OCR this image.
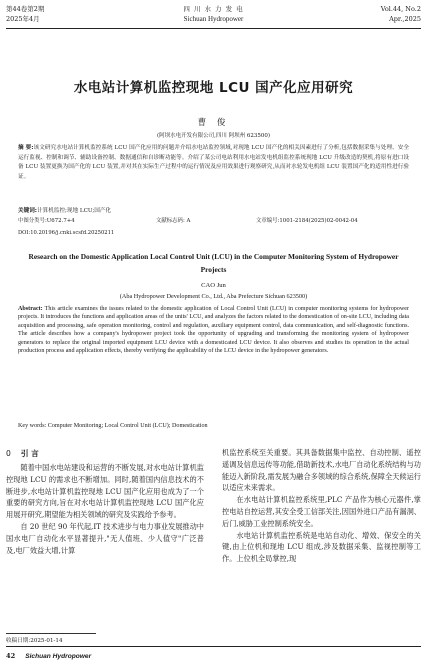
第44卷第2期
2025年4月
四 川 水 力 发 电
Sichuan Hydropower
Vol.44, No.2
Apr.,2025
水电站计算机监控现地 LCU 国产化应用研究
曹 俊
(阿坝水电开发有限公司,四川 阿坝州 623500)
摘 要:该文研究水电站计算机监控系统 LCU 国产化应用的问题并介绍水电站监控领域,对现地 LCU 国产化的相关因素进行了分析,包括数据采集与处理、安全运行监视、控制和调节、辅助设备控制、数据通信和自诊断功能等。介绍了某公司电站利用水电站发电机组监控系统现地 LCU 升级改造的契机,将原有进口设备 LCU 装置更换为国产化的 LCU 装置,并对其在实际生产过程中的运行情况及应用效果进行观察研究,从而对水轮发电机组 LCU 装置国产化的适用性进行验证。
关键词:计算机监控;现地 LCU;国产化
中图分类号:U672.7+4	文献标志码: A	文章编号:1001-2184(2025)02-0042-04
DOI:10.20196/j.cnki.scsfd.20250211
Research on the Domestic Application Local Control Unit (LCU) in the Computer Monitoring System of Hydropower Projects
CAO Jun
(Aba Hydropower Development Co., Ltd., Aba Prefecture Sichuan 623500)
Abstract: This article examines the issues related to the domestic application of Local Control Unit (LCU) in computer monitoring systems for hydropower projects. It introduces the functions and application areas of the units' LCU, and analyzes the factors related to the domestication of on-site LCU, including data acquisition and processing, safe operation monitoring, control and regulation, auxiliary equipment control, data communication, and self-diagnostic functions. The article describes how a company's hydropower project took the opportunity of upgrading and transforming the monitoring system of hydropower generators to replace the original imported equipment LCU device with a domesticated LCU device. It also observes and studies its operation in the actual production process and application effects, thereby verifying the applicability of the LCU device in the hydropower generators.
Key words: Computer Monitoring; Local Control Unit (LCU); Domestication
0 引 言

随着中国水电站建设和运营的不断发展,对水电站计算机监控现地 LCU 的需求也不断增加。同时,随着国内信息技术的不断进步,水电站计算机监控现地 LCU 国产化应用也成为了一个重要的研究方向,旨在对水电站计算机监控现地 LCU 国产化应用展开研究,期望能为相关领域的研究及实践给予参考。

自 20 世纪 90 年代起,IT 技术进步与电力事业发展推动中国水电厂自动化水平显著提升,"无人值班、少人值守"广泛普及,电厂效益大增,计算

机监控系统至关重要。其具备数据集中监控、自动控制、遥控遥调及信息远传等功能,借助新技术,水电厂自动化系统结构与功能迈入新阶段,需发展为融合多领域的综合系统,保障全天候运行以适应未来需求。

在水电站计算机监控系统里,PLC 产品作为核心元器件,掌控电站自控运营,其安全受工信部关注,因国外进口产品有漏洞、后门,威胁工业控制系统安全。

水电站计算机监控系统是电站自动化、增效、保安全的关键,由上位机和现地 LCU 组成,涉及数据采集、监视控制等工作。上位机全局掌控,现

收稿日期:2025-01-14
42 Sichuan Hydropower
